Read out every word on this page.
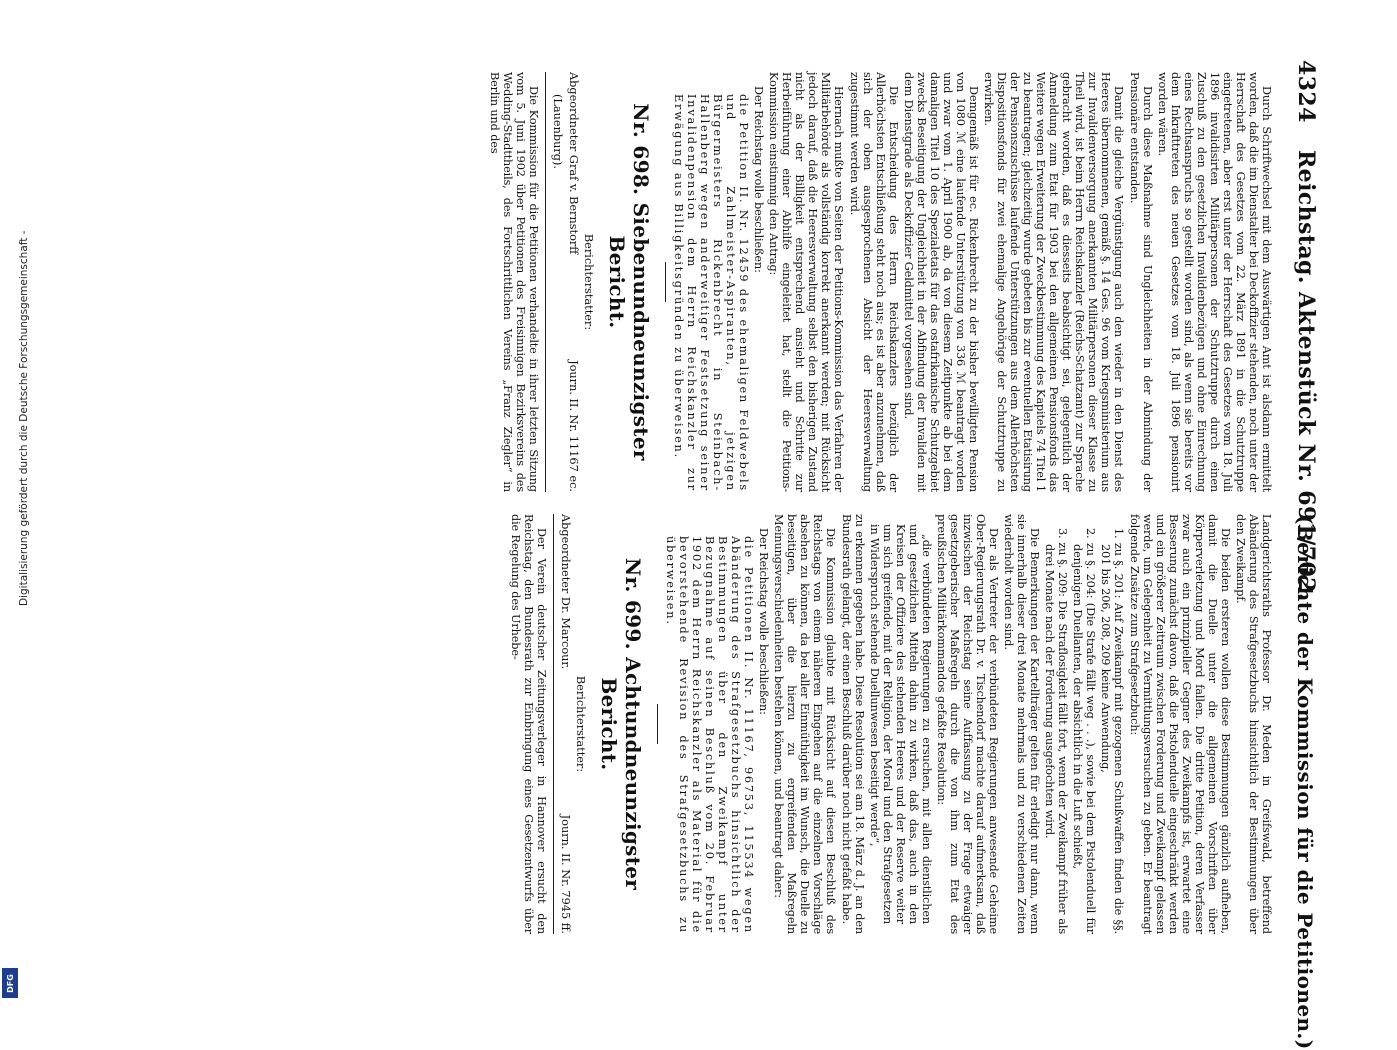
4324
Reichstag. Aktenstück Nr. 691/702.
(Berichte der Kommission für die Petitionen.)

Durch Schriftwechsel mit dem Auswärtigen Amt ist alsdann ermittelt worden, daß die im Dienstalter bei Deckoffizier stehenden, noch unter der Herrschaft des Gesetzes vom 22. März 1891 in die Schutztruppe eingetretenen, aber erst unter der Herrschaft des Gesetzes vom 18. Juli 1896 invalidisirten Militärpersonen der Schutztruppe durch einen Zuschuß zu den gesetzlichen Invalidenbezügen und ohne Einrechnung eines Rechtsanspruchs so gestellt worden sind, als wenn sie bereits vor dem Inkrafttreten des neuen Gesetzes vom 18. Juli 1896 pensionirt worden wären.

Durch diese Maßnahme sind Ungleichheiten in der Abmindung der Pensionäre entstanden.

Damit die gleiche Vergünstigung auch den wieder in den Dienst des Heeres übernommenen, gemäß §. 14 Ges. 96 vom Kriegsministerium aus zur Invalidenversorgung anerkannten Militärpersonen dieser Klasse zu Theil wird, ist beim Herrn Reichskanzler (Reichs-Schatzamt) zur Sprache gebracht worden, daß es diesseits beabsichtigt sei, gelegentlich der Anmeldung zum Etat für 1903 bei den allgemeinen Pensionsfonds das Weitere wegen Erweiterung der Zweckbestimmung des Kapitels 74 Titel 1 zu beantragen; gleichzeitig wurde gebeten bis zur eventuellen Etatisirung der Pensionszuschüsse laufende Unterstützungen aus dem Allerhöchsten Dispositionsfonds für zwei ehemalige Angehörige der Schutztruppe zu erwirken.

Demgemäß ist für ec. Rickenbrecht zu der bisher bewilligten Pension von 1080 ℳ eine laufende Unterstützung von 336 ℳ beantragt worden und zwar vom 1. April 1900 ab, da von diesem Zeitpunkte ab bei dem damaligen Titel 10 des Spezialetats für das ostafrikanische Schutzgebiet zwecks Beseitigung der Ungleichheit in der Abfindung der Invaliden mit dem Dienstgrade als Deckoffizier Geldmittel vorgesehen sind.

Die Entscheidung des Herrn Reichskanzlers bezüglich der Allerhöchsten Entschließung steht noch aus; es ist aber anzunehmen, daß sich der oben ausgesprochenen Absicht der Heeresverwaltung zugestimmt werden wird.

Hiernach mußte von Seiten der Petitions-Kommission das Verfahren der Militärbehörde als vollständig korrekt anerkannt werden; mit Rücksicht jedoch darauf, daß die Heeresverwaltung selbst den bisherigen Zustand nicht als der Billigkeit entsprechend ansieht und Schritte zur Herbeiführung einer Abhilfe eingeleitet hat, stellt die Petitions-Kommission einstimmig den Antrag:

Der Reichstag wolle beschließen:

die Petition II. Nr. 12459 des ehemaligen Feldwebels und Zahlmeister-Aspiranten, jetzigen Bürgermeisters Rickenbrecht in Steinbach-Hallenberg wegen anderweitiger Festsetzung seiner Invalidenpension dem Herrn Reichskanzler zur Erwägung aus Billigkeitsgründen zu überweisen.

Nr. 698. Siebenundneunzigster Bericht.
Berichterstatter:
Abgeordneter Graf v. Bernstorff
Journ. II. Nr. 11167 ec.
(Lauenburg).

Die Kommission für die Petitionen verhandelte in ihrer letzten Sitzung vom 5. Juni 1902 über Petitionen des Freisinnigen Bezirksvereins des Wedding-Stadttheils, des Fortschrittlichen Vereins „Franz Ziegler“ in Berlin und des

Landgerichtsraths Professor Dr. Meden in Greifswald, betreffend Abänderung des Strafgesetzbuchs hinsichtlich der Bestimmungen über den Zweikampf.

Die beiden ersteren wollen diese Bestimmungen gänzlich aufheben, damit die Duelle unter die allgemeinen Vorschriften über Körperverletzung und Mord fallen. Die dritte Petition, deren Verfasser zwar auch ein prinzipieller Gegner des Zweikampfs ist, erwartet eine Besserung zunächst davon, daß die Pistolenduelle eingeschränkt werden und ein größerer Zeitraum zwischen Forderung und Zweikampf gelassen werde, um Gelegenheit zu Vermittlungsversuchen zu geben. Er beantragt folgende Zusätze zum Strafgesetzbuch:

1. zu §. 201: Auf Zweikampf mit gezogenen Schußwaffen finden die §§. 201 bis 206, 208, 209 keine Anwendung,

2. zu §. 204: (Die Strafe fällt weg . . .), sowie bei dem Pistolenduell für denjenigen Duellanten, der absichtlich in die Luft schießt,

3. zu §. 209: Die Straflosigkeit fällt fort, wenn der Zweikampf früher als drei Monate nach der Forderung ausgefochten wird.

Die Bemerkungen der Kartellträger gelten für erledigt nur dann, wenn sie innerhalb dieser drei Monate mehrmals und zu verschiedenen Zeiten wiederholt worden sind.

Der als Vertreter der verbündeten Regierungen anwesende Geheime Ober-Regierungsrath Dr. v. Tischendorf machte darauf aufmerksam, daß inzwischen der Reichstag seine Auffassung zu der Frage etwaiger gesetzgeberischer Maßregeln durch die von ihm zum Etat des preußischen Militärkommandos gefaßte Resolution:

„die verbündeten Regierungen zu ersuchen, mit allen dienstlichen und gesetzlichen Mitteln dahin zu wirken, daß das, auch in den Kreisen der Offiziere des stehenden Heeres und der Reserve weiter um sich greifende, mit der Religion, der Moral und den Strafgesetzen in Widerspruch stehende Duellunwesen beseitigt werde“,

zu erkennen gegeben habe. Diese Resolution sei am 18. März d. J. an den Bundesrath gelangt, der einen Beschluß darüber noch nicht gefaßt habe.

Die Kommission glaubte mit Rücksicht auf diesen Beschluß des Reichstags von einem näheren Eingehen auf die einzelnen Vorschläge absehen zu können, da bei aller Einmüthigkeit im Wunsch, die Duelle zu beseitigen, über die hierzu zu ergreifenden Maßregeln Meinungsverschiedenheiten bestehen können, und beantragt daher:

Der Reichstag wolle beschließen:

die Petitionen II. Nr. 11167, 96753, 115534 wegen Abänderung des Strafgesetzbuchs hinsichtlich der Bestimmungen über den Zweikampf unter Bezugnahme auf seinen Beschluß vom 20. Februar 1902 dem Herrn Reichskanzler als Material für die bevorstehende Revision des Strafgesetzbuchs zu überweisen.

Nr. 699. Achtundneunzigster Bericht.
Berichterstatter:
Abgeordneter Dr. Marcour.
Journ. II. Nr. 7945 ff.

Der Verein deutscher Zeitungsverleger in Hannover ersucht den Reichstag, den Bundesrath zur Einbringung eines Gesetzentwurfs über die Regelung des Urhebe-

Digitalisierung gefördert durch die Deutsche Forschungsgemeinschaft -
DFG
